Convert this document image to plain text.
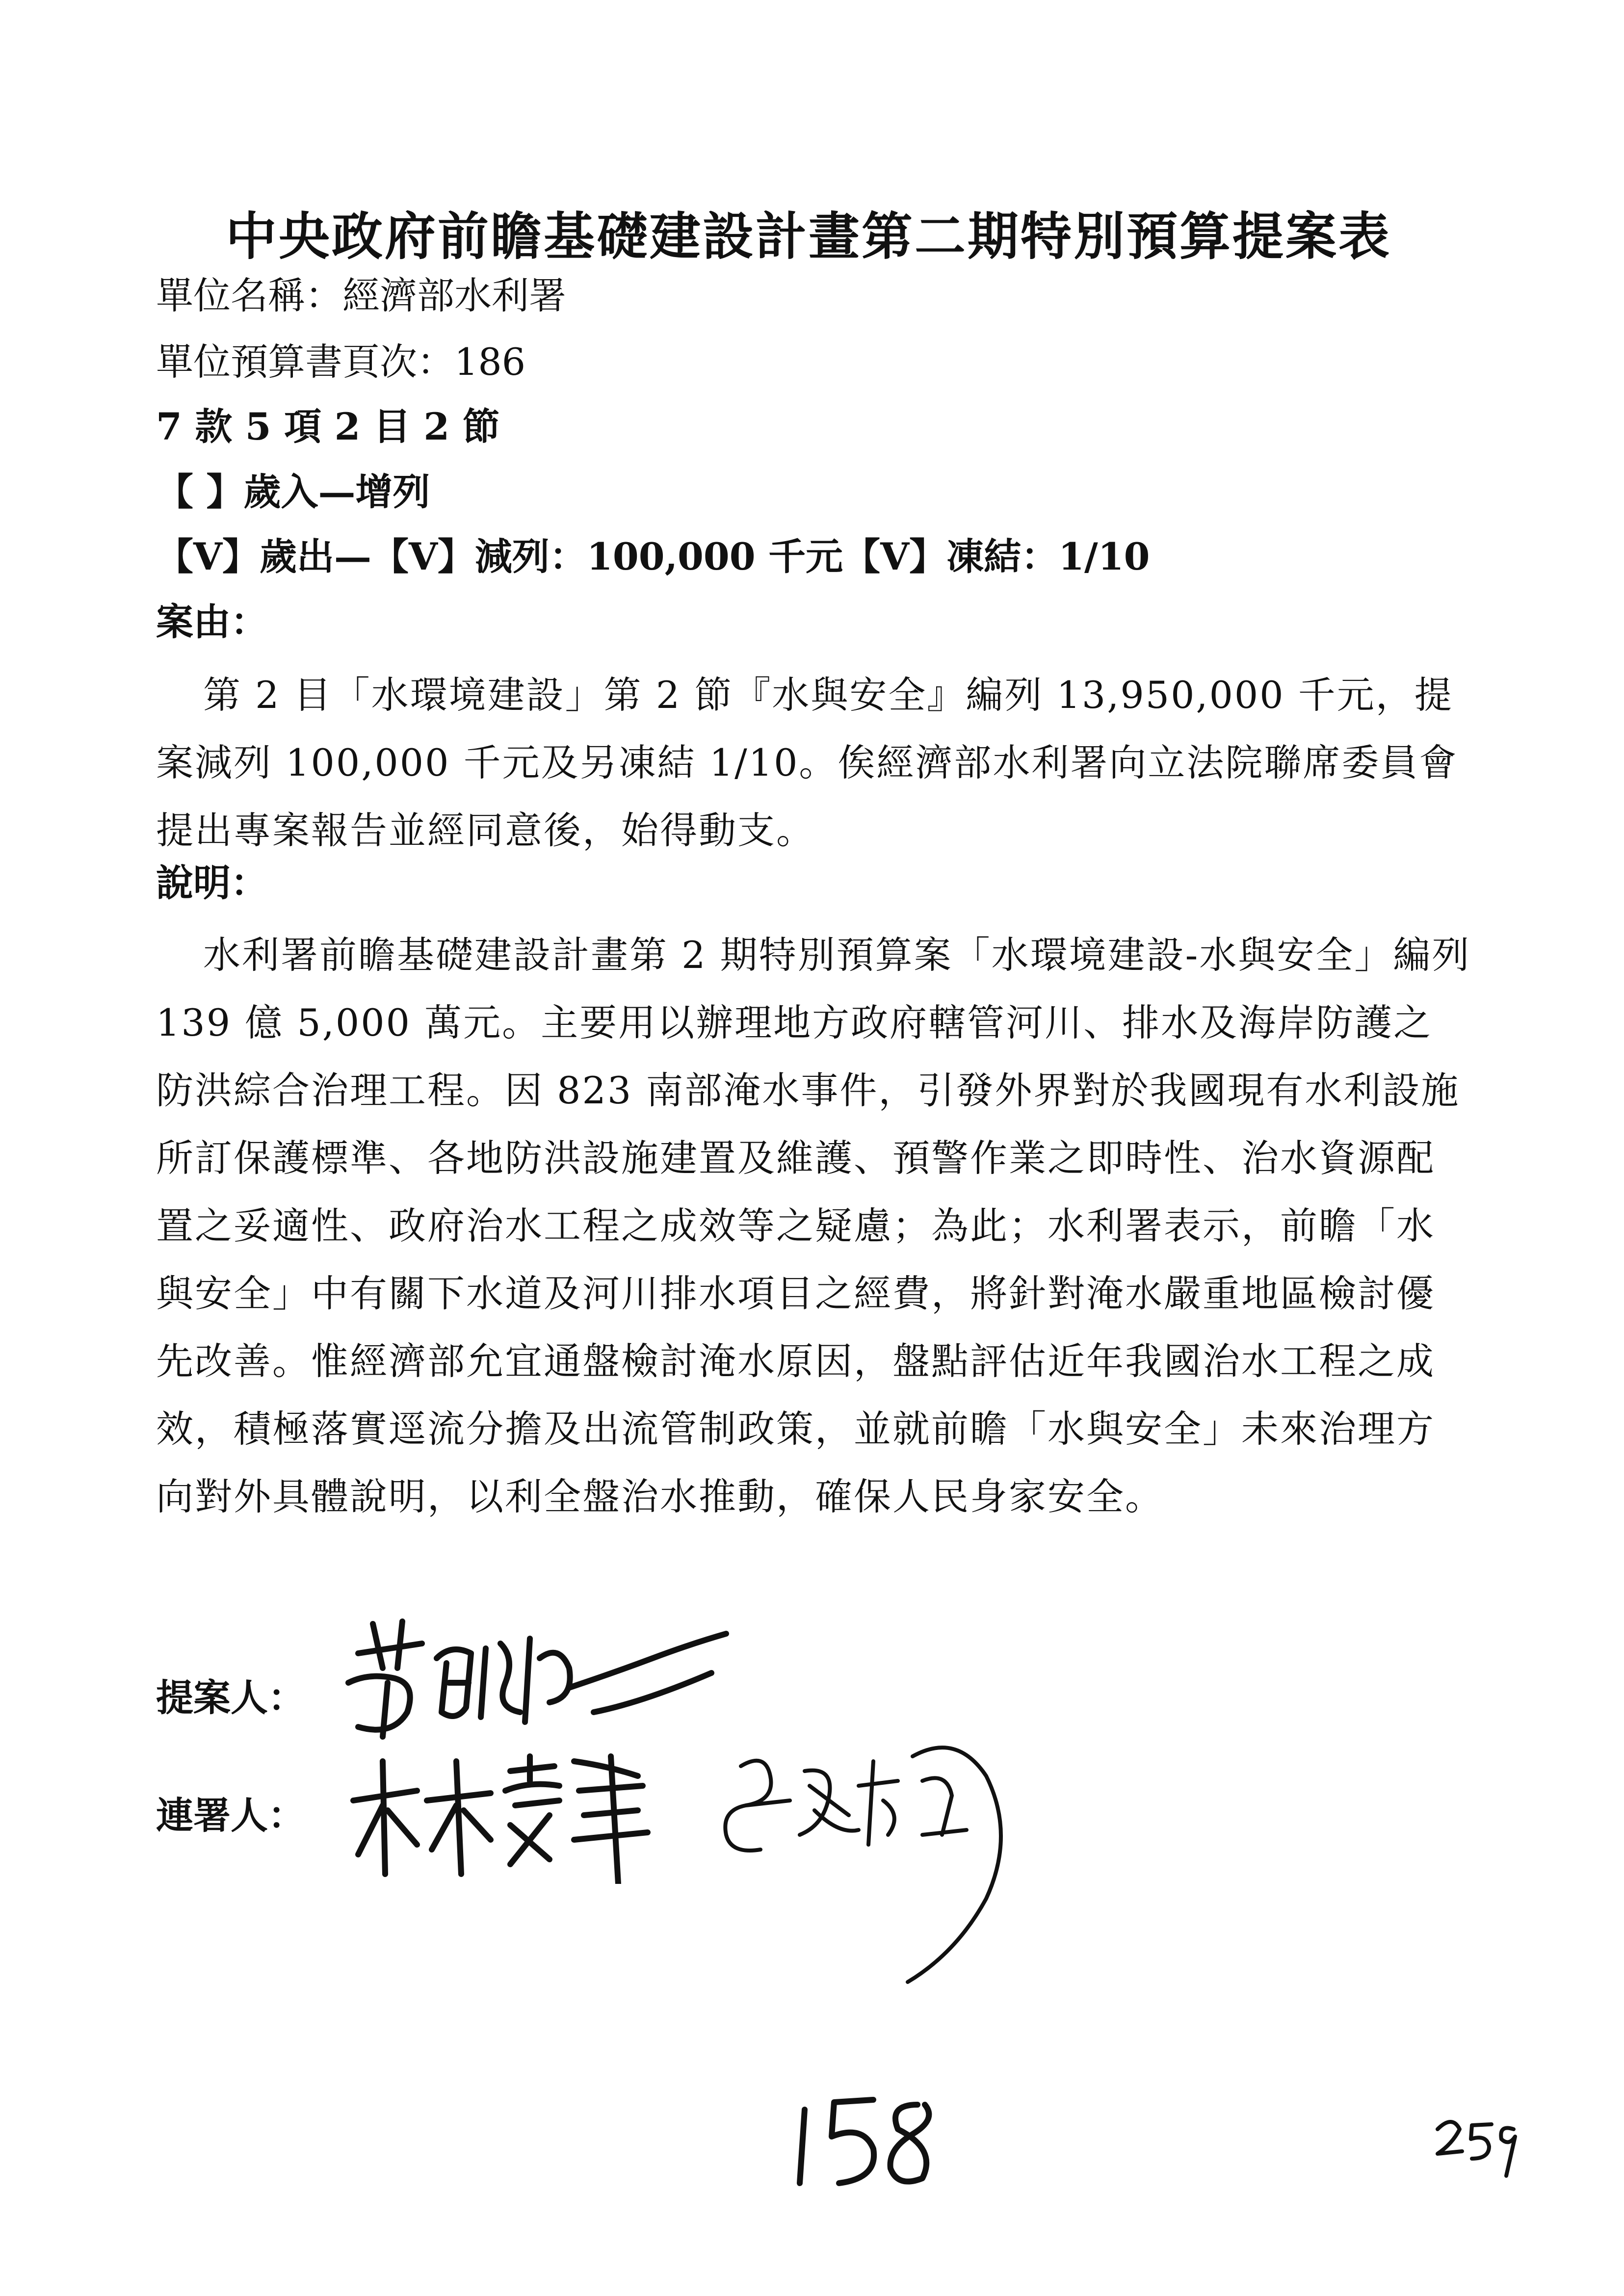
中央政府前瞻基礎建設計畫第二期特別預算提案表
單位名稱：經濟部水利署
單位預算書頁次：186
7 款 5 項 2 目 2 節
【 】歲入—增列
【V】歲出—【V】減列：100,000 千元【V】凍結：1/10
案由：
第 2 目「水環境建設」第 2 節『水與安全』編列 13,950,000 千元，提案減列 100,000 千元及另凍結 1/10。俟經濟部水利署向立法院聯席委員會提出專案報告並經同意後，始得動支。
說明：
水利署前瞻基礎建設計畫第 2 期特別預算案「水環境建設-水與安全」編列 139 億 5,000 萬元。主要用以辦理地方政府轄管河川、排水及海岸防護之防洪綜合治理工程。因 823 南部淹水事件，引發外界對於我國現有水利設施所訂保護標準、各地防洪設施建置及維護、預警作業之即時性、治水資源配置之妥適性、政府治水工程之成效等之疑慮；為此；水利署表示，前瞻「水與安全」中有關下水道及河川排水項目之經費，將針對淹水嚴重地區檢討優先改善。惟經濟部允宜通盤檢討淹水原因，盤點評估近年我國治水工程之成效，積極落實逕流分擔及出流管制政策，並就前瞻「水與安全」未來治理方向對外具體說明，以利全盤治水推動，確保人民身家安全。
提案人：
連署人：
